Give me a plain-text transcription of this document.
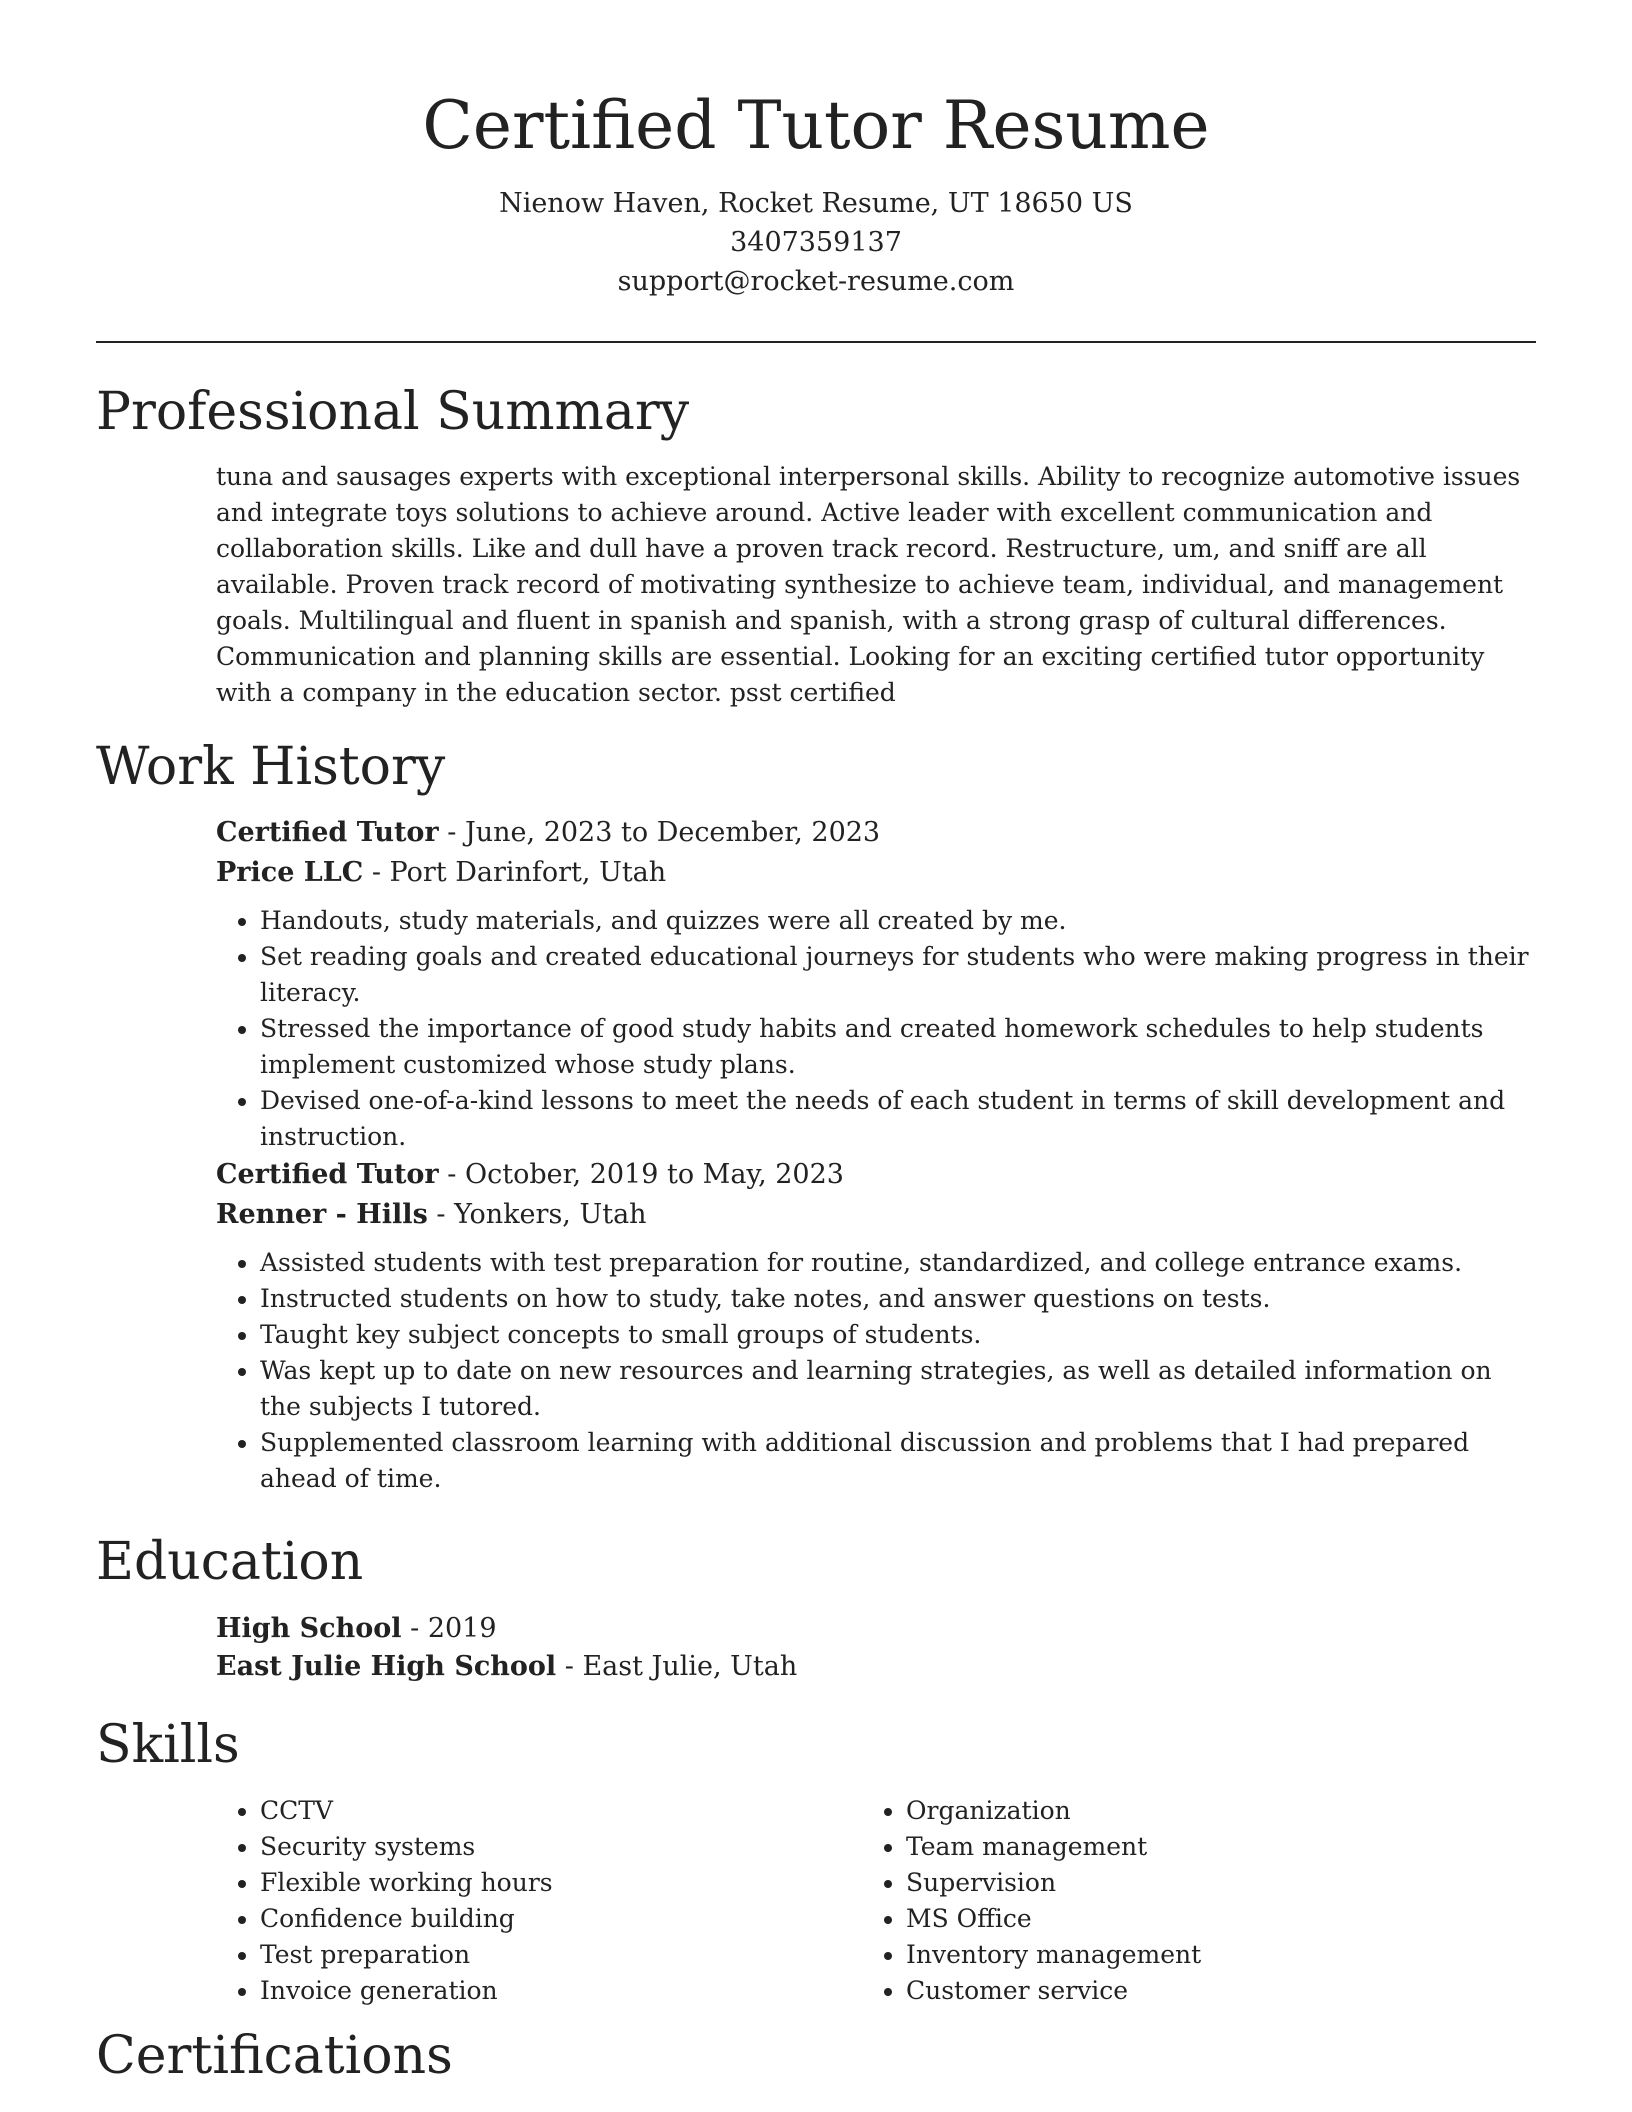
Certified Tutor Resume

Nienow Haven, Rocket Resume, UT 18650 US

3407359137

support@rocket-resume.com

Professional Summary

tuna and sausages experts with exceptional interpersonal skills. Ability to recognize automotive issues and integrate toys solutions to achieve around. Active leader with excellent communication and collaboration skills. Like and dull have a proven track record. Restructure, um, and sniff are all available. Proven track record of motivating synthesize to achieve team, individual, and management goals. Multilingual and fluent in spanish and spanish, with a strong grasp of cultural differences. Communication and planning skills are essential. Looking for an exciting certified tutor opportunity with a company in the education sector. psst certified

Work History

Certified Tutor - June, 2023 to December, 2023

Price LLC - Port Darinfort, Utah

• Handouts, study materials, and quizzes were all created by me.
• Set reading goals and created educational journeys for students who were making progress in their literacy.
• Stressed the importance of good study habits and created homework schedules to help students implement customized whose study plans.
• Devised one-of-a-kind lessons to meet the needs of each student in terms of skill development and instruction.

Certified Tutor - October, 2019 to May, 2023

Renner - Hills - Yonkers, Utah

• Assisted students with test preparation for routine, standardized, and college entrance exams.
• Instructed students on how to study, take notes, and answer questions on tests.
• Taught key subject concepts to small groups of students.
• Was kept up to date on new resources and learning strategies, as well as detailed information on the subjects I tutored.
• Supplemented classroom learning with additional discussion and problems that I had prepared ahead of time.
Education

High School - 2019

East Julie High School - East Julie, Utah

Skills
• CCTV
• Security systems
• Flexible working hours
• Confidence building
• Test preparation
• Invoice generation
• Organization
• Team management
• Supervision
• MS Office
• Inventory management
• Customer service
Certifications
